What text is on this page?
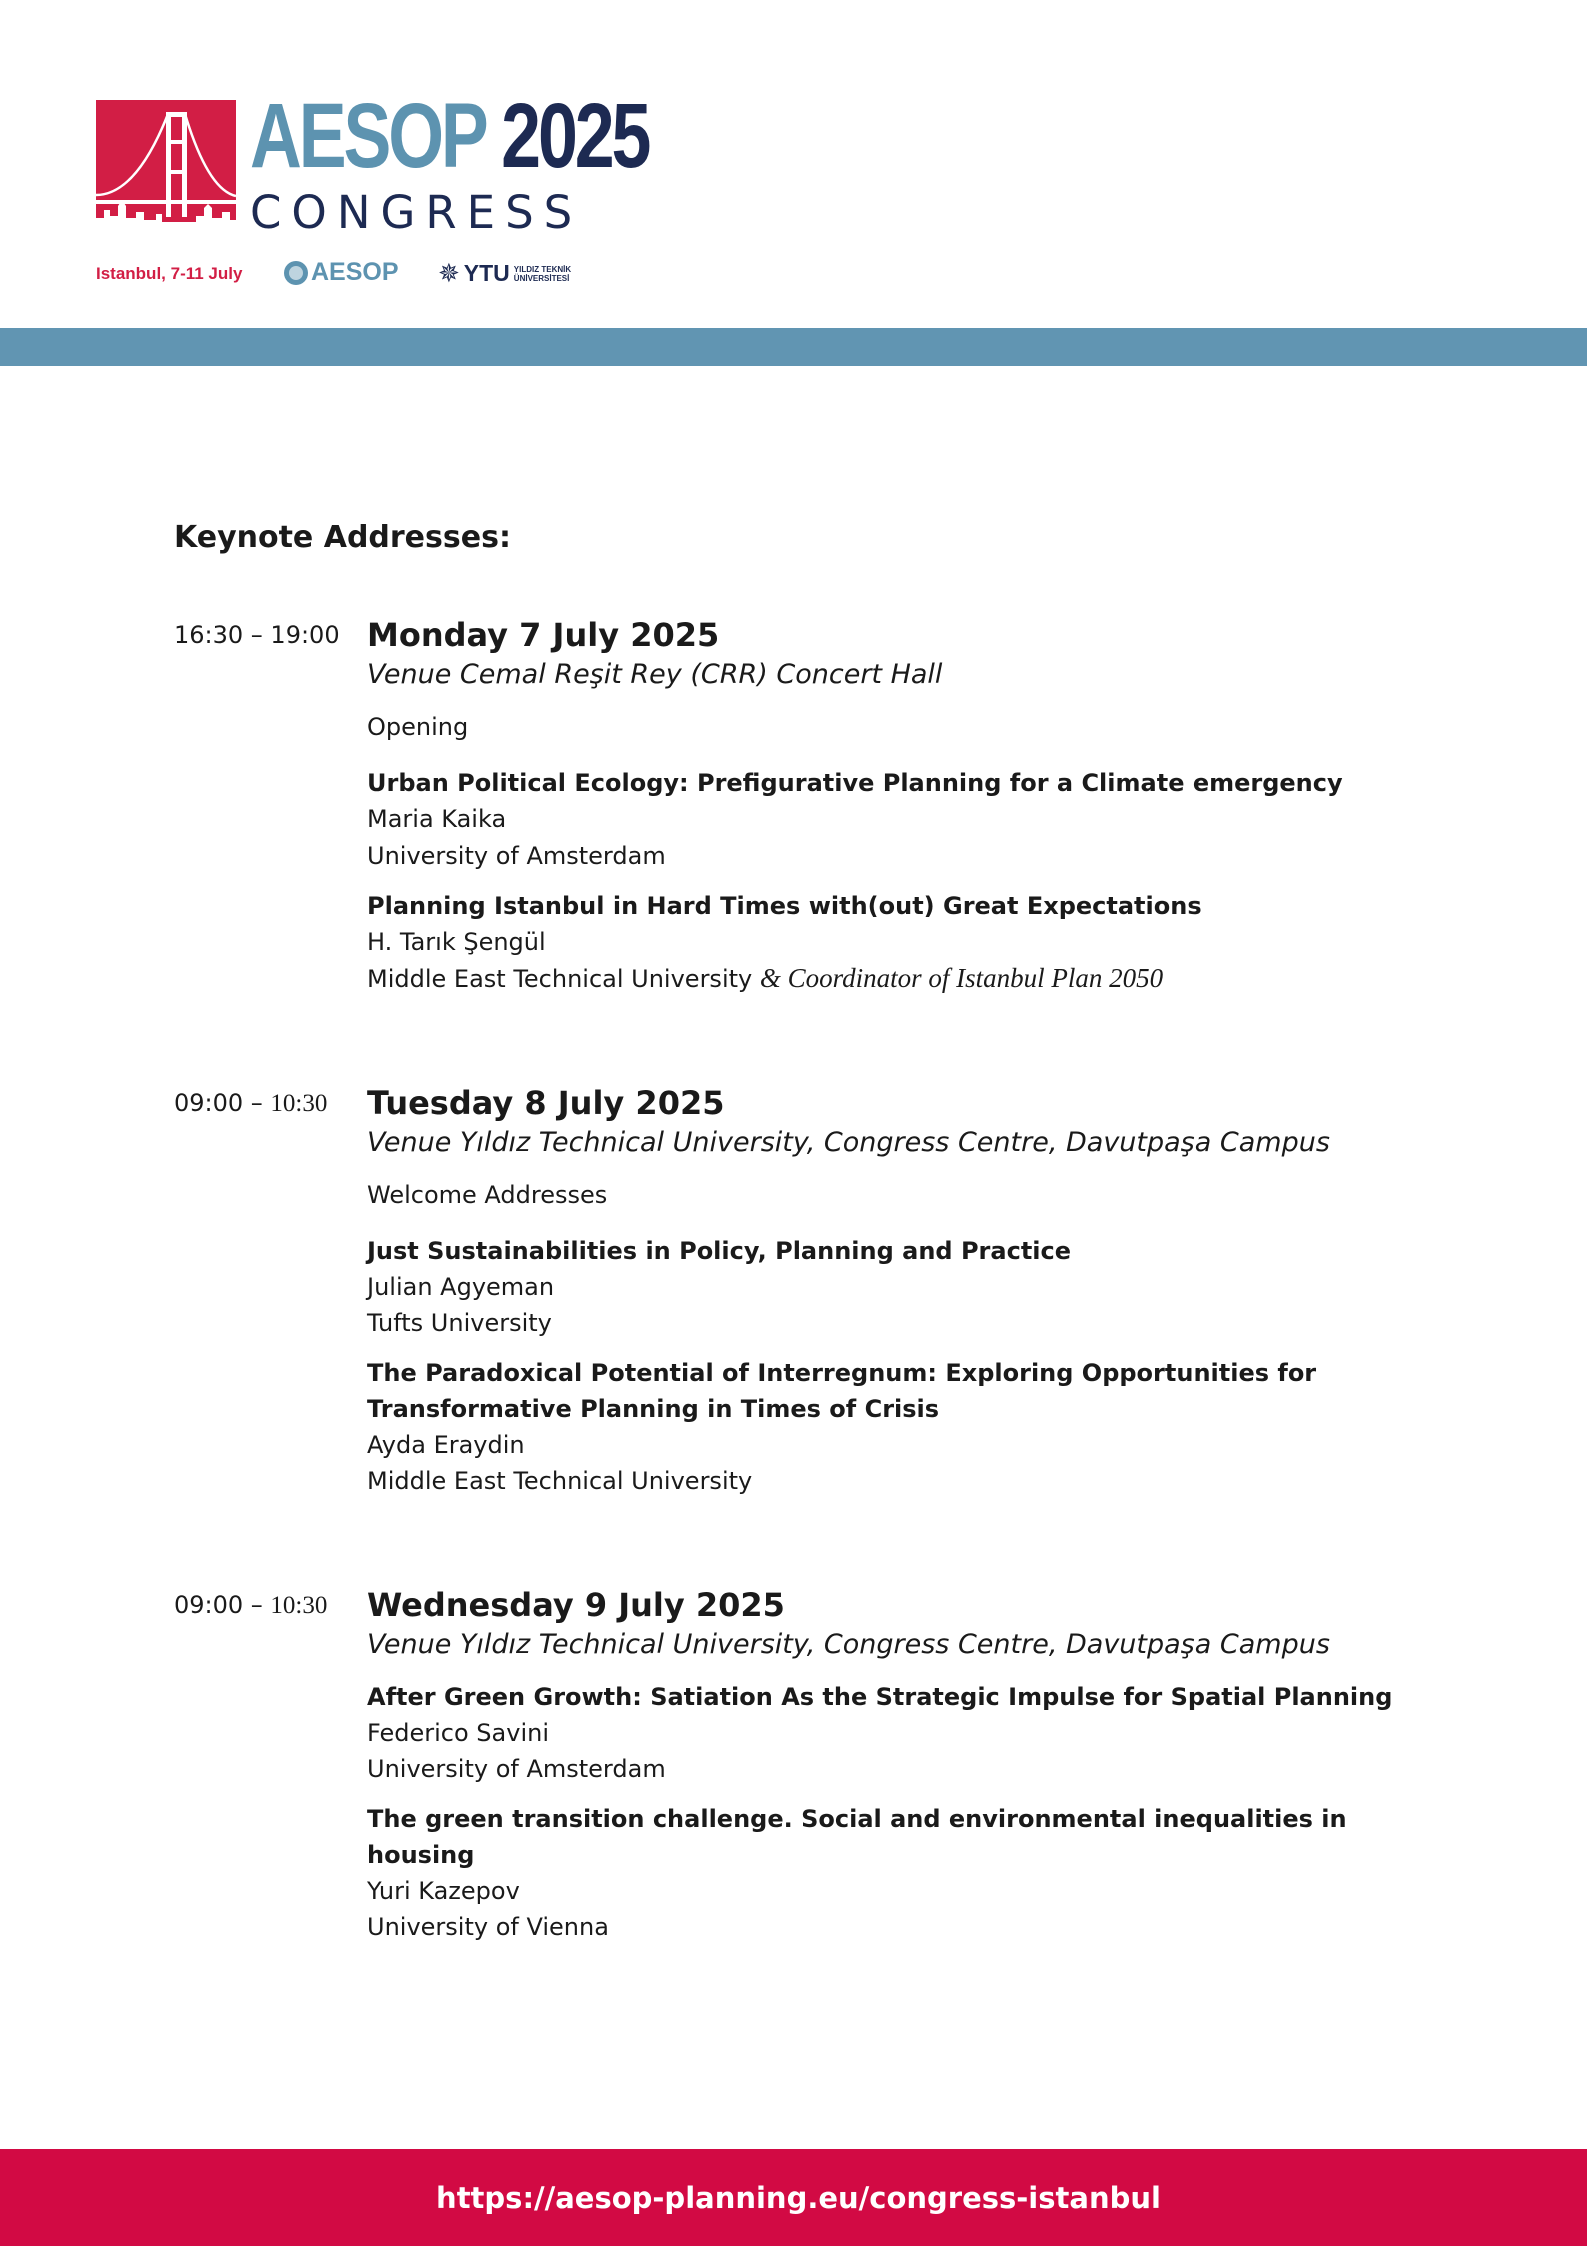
AESOP 2025
CONGRESS
Istanbul, 7-11 July	AESOP ✵ YTU YILDIZ TEKNİK
ÜNİVERSİTESİ
Keynote Addresses:
16:30 – 19:00 Monday 7 July 2025

Venue Cemal Reşit Rey (CRR) Concert Hall

Opening

Urban Political Ecology: Prefigurative Planning for a Climate emergency
Maria Kaika
University of Amsterdam
Planning Istanbul in Hard Times with(out) Great Expectations
H. Tarık Şengül
Middle East Technical University & Coordinator of Istanbul Plan 2050
09:00 – 10:30 Tuesday 8 July 2025

Venue Yıldız Technical University, Congress Centre, Davutpaşa Campus

Welcome Addresses

Just Sustainabilities in Policy, Planning and Practice
Julian Agyeman
Tufts University
The Paradoxical Potential of Interregnum: Exploring Opportunities for Transformative Planning in Times of Crisis
Ayda Eraydin
Middle East Technical University
09:00 – 10:30 Wednesday 9 July 2025

Venue Yıldız Technical University, Congress Centre, Davutpaşa Campus

After Green Growth: Satiation As the Strategic Impulse for Spatial Planning
Federico Savini
University of Amsterdam
The green transition challenge. Social and environmental inequalities in housing
Yuri Kazepov
University of Vienna
https://aesop-planning.eu/congress-istanbul
